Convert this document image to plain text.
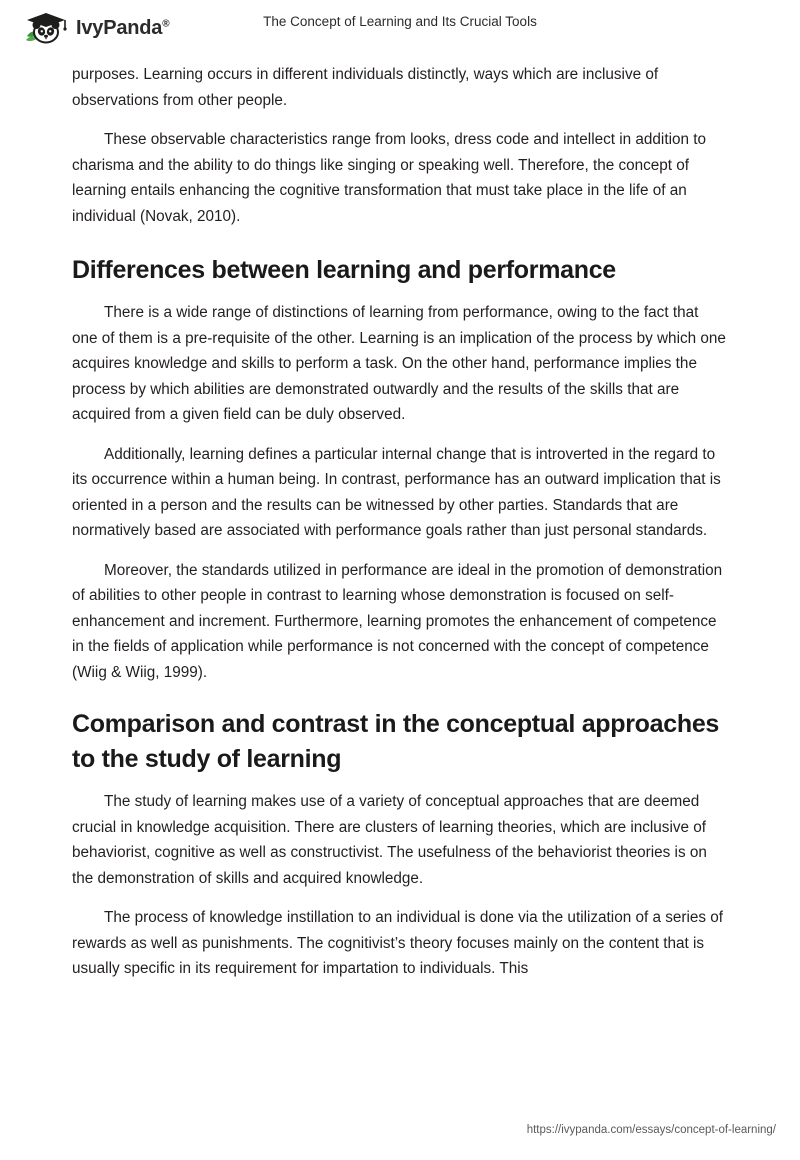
IvyPanda®	The Concept of Learning and Its Crucial Tools

purposes. Learning occurs in different individuals distinctly, ways which are inclusive of observations from other people.

These observable characteristics range from looks, dress code and intellect in addition to charisma and the ability to do things like singing or speaking well. Therefore, the concept of learning entails enhancing the cognitive transformation that must take place in the life of an individual (Novak, 2010).

Differences between learning and performance

There is a wide range of distinctions of learning from performance, owing to the fact that one of them is a pre-requisite of the other. Learning is an implication of the process by which one acquires knowledge and skills to perform a task. On the other hand, performance implies the process by which abilities are demonstrated outwardly and the results of the skills that are acquired from a given field can be duly observed.

Additionally, learning defines a particular internal change that is introverted in the regard to its occurrence within a human being. In contrast, performance has an outward implication that is oriented in a person and the results can be witnessed by other parties. Standards that are normatively based are associated with performance goals rather than just personal standards.

Moreover, the standards utilized in performance are ideal in the promotion of demonstration of abilities to other people in contrast to learning whose demonstration is focused on self-enhancement and increment. Furthermore, learning promotes the enhancement of competence in the fields of application while performance is not concerned with the concept of competence (Wiig & Wiig, 1999).

Comparison and contrast in the conceptual approaches to the study of learning

The study of learning makes use of a variety of conceptual approaches that are deemed crucial in knowledge acquisition. There are clusters of learning theories, which are inclusive of behaviorist, cognitive as well as constructivist. The usefulness of the behaviorist theories is on the demonstration of skills and acquired knowledge.

The process of knowledge instillation to an individual is done via the utilization of a series of rewards as well as punishments. The cognitivist’s theory focuses mainly on the content that is usually specific in its requirement for impartation to individuals. This

https://ivypanda.com/essays/concept-of-learning/
